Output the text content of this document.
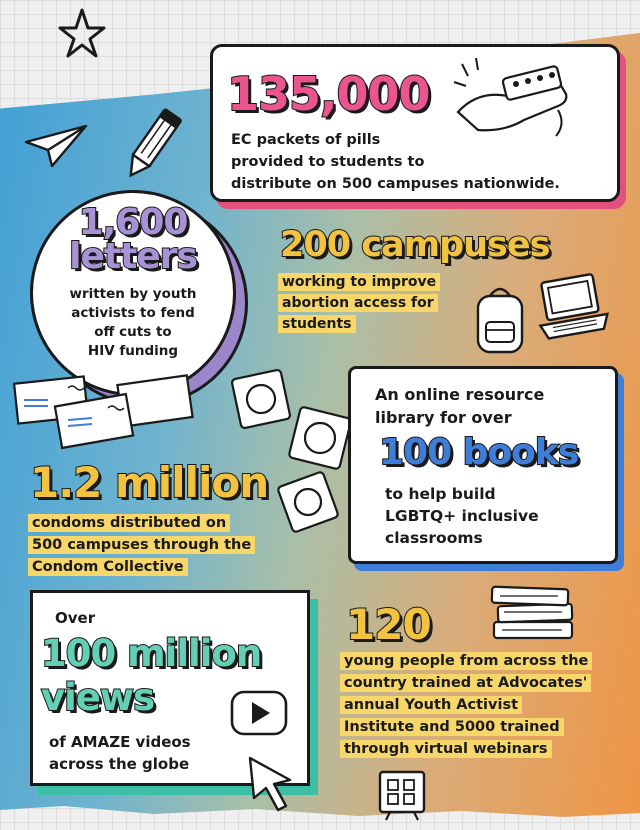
135,000
EC packets of pills
provided to students to
distribute on 500 campuses nationwide.
1,600
letters
written by youth
activists to fend
off cuts to
HIV funding
200 campuses
working to improve
abortion access for
students
An online resource
library for over
100 books
to help build
LGBTQ+ inclusive
classrooms
1.2 million
condoms distributed on
500 campuses through the
Condom Collective
Over
100 million
views
of AMAZE videos
across the globe
120
young people from across the
country trained at Advocates'
annual Youth Activist
Institute and 5000 trained
through virtual webinars
